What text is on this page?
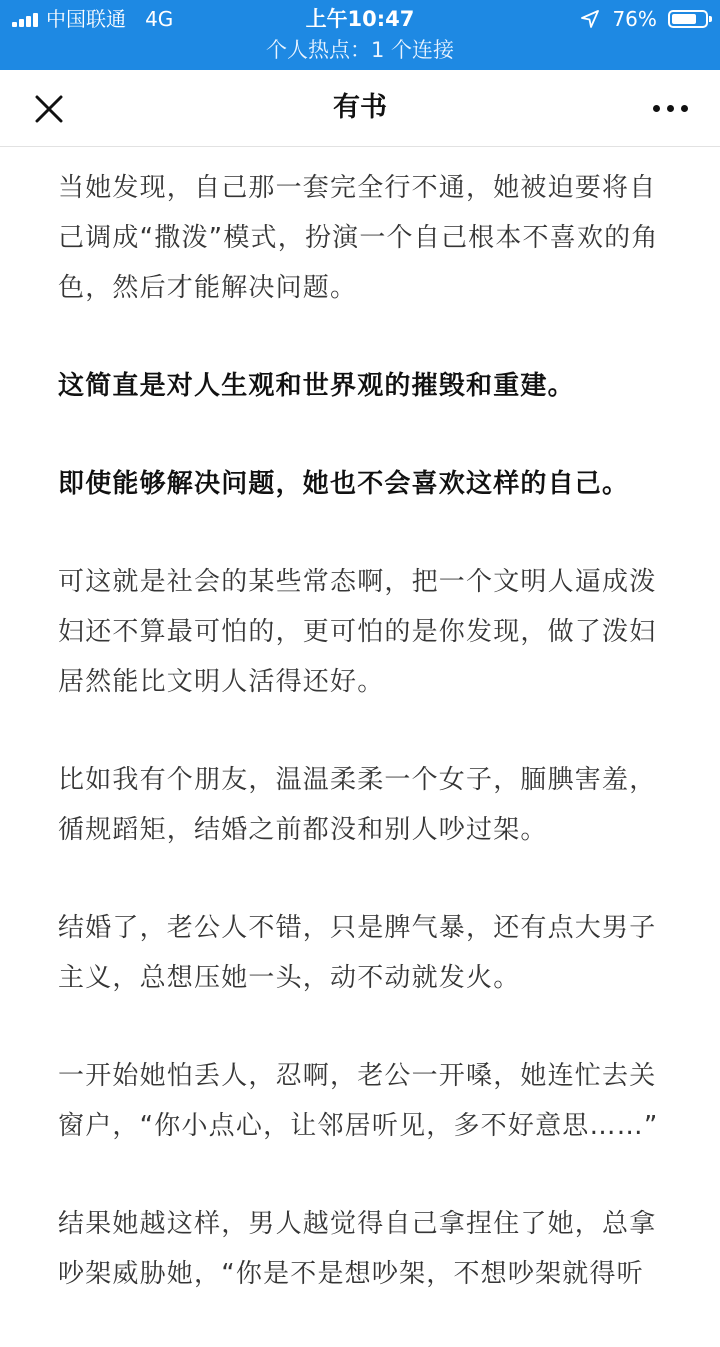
中国联通 4G	上午10:47	76%
个人热点：1 个连接
有书

当她发现，自己那一套完全行不通，她被迫要将自己调成“撒泼”模式，扮演一个自己根本不喜欢的角色，然后才能解决问题。

这简直是对人生观和世界观的摧毁和重建。

即使能够解决问题，她也不会喜欢这样的自己。

可这就是社会的某些常态啊，把一个文明人逼成泼妇还不算最可怕的，更可怕的是你发现，做了泼妇居然能比文明人活得还好。

比如我有个朋友，温温柔柔一个女子，腼腆害羞，循规蹈矩，结婚之前都没和别人吵过架。

结婚了，老公人不错，只是脾气暴，还有点大男子主义，总想压她一头，动不动就发火。

一开始她怕丢人，忍啊，老公一开嗓，她连忙去关窗户，“你小点心，让邻居听见，多不好意思……”

结果她越这样，男人越觉得自己拿捏住了她，总拿吵架威胁她，“你是不是想吵架，不想吵架就得听
